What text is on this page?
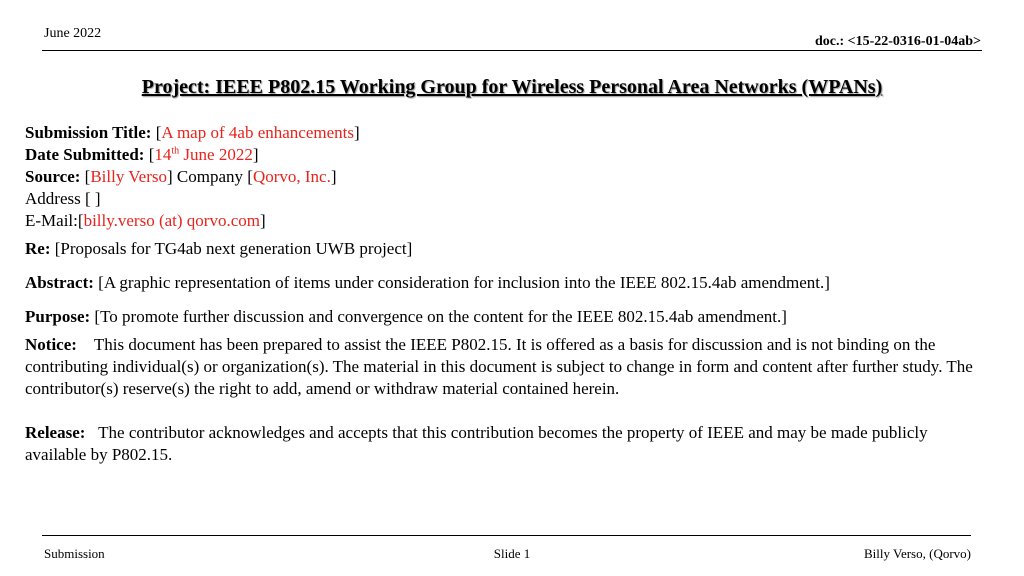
June 2022
doc.: <15-22-0316-01-04ab>
Project: IEEE P802.15 Working Group for Wireless Personal Area Networks (WPANs)

Submission Title: [A map of 4ab enhancements]

Date Submitted: [14th June 2022]

Source: [Billy Verso] Company [Qorvo, Inc.]

Address [ ]

E-Mail:[billy.verso (at) qorvo.com]

Re: [Proposals for TG4ab next generation UWB project]

Abstract: [A graphic representation of items under consideration for inclusion into the IEEE 802.15.4ab amendment.]

Purpose: [To promote further discussion and convergence on the content for the IEEE 802.15.4ab amendment.]

Notice: This document has been prepared to assist the IEEE P802.15. It is offered as a basis for discussion and is not binding on the contributing individual(s) or organization(s). The material in this document is subject to change in form and content after further study. The contributor(s) reserve(s) the right to add, amend or withdraw material contained herein.

Release: The contributor acknowledges and accepts that this contribution becomes the property of IEEE and may be made publicly available by P802.15.

Submission	Slide 1	Billy Verso, (Qorvo)
